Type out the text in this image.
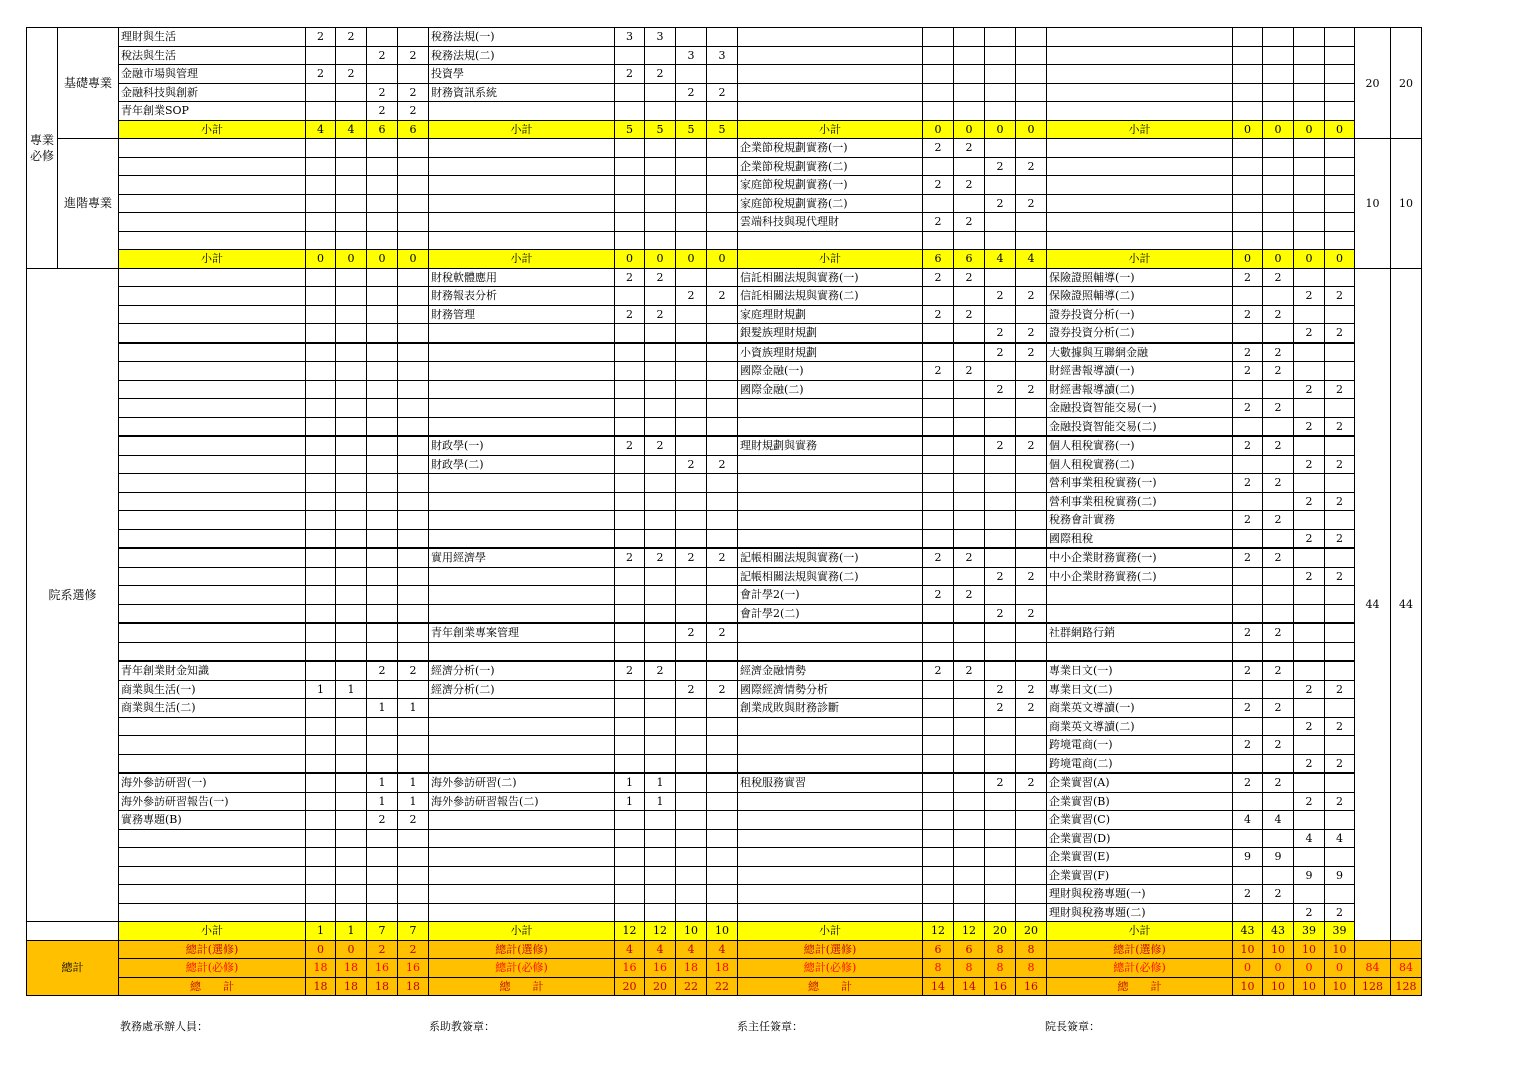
專業必修	基礎專業	理財與生活	2	2			稅務法規(一)	3	3													20	20
		稅法與生活			2	2	稅務法規(二)			3	3												
		金融市場與管理	2	2			投資學	2	2														
		金融科技與創新			2	2	財務資訊系統			2	2												
		青年創業SOP			2	2																	
		小計	4	4	6	6	小計	5	5	5	5	小計	0	0	0	0	小計	0	0	0	0		
	進階專業											企業節稅規劃實務(一)	2	2								10	10
												企業節稅規劃實務(二)			2	2							
												家庭節稅規劃實務(一)	2	2									
												家庭節稅規劃實務(二)			2	2							
												雲端科技與現代理財	2	2									

		小計	0	0	0	0	小計	0	0	0	0	小計	6	6	4	4	小計	0	0	0	0		
院系選修							財稅軟體應用	2	2			信託相關法規與實務(一)	2	2			保險證照輔導(一)	2	2			44	44
							財務報表分析			2	2	信託相關法規與實務(二)			2	2	保險證照輔導(二)			2	2		
							財務管理	2	2			家庭理財規劃	2	2			證券投資分析(一)	2	2				
												銀髮族理財規劃			2	2	證券投資分析(二)			2	2		
												小資族理財規劃			2	2	大數據與互聯網金融	2	2				
												國際金融(一)	2	2			財經書報導讀(一)	2	2				
												國際金融(二)			2	2	財經書報導讀(二)			2	2		
																	金融投資智能交易(一)	2	2				
																	金融投資智能交易(二)			2	2		
							財政學(一)	2	2			理財規劃與實務			2	2	個人租稅實務(一)	2	2				
							財政學(二)			2	2						個人租稅實務(二)			2	2		
																	營利事業租稅實務(一)	2	2				
																	營利事業租稅實務(二)			2	2		
																	稅務會計實務	2	2				
																	國際租稅			2	2		
							實用經濟學	2	2	2	2	記帳相關法規與實務(一)	2	2			中小企業財務實務(一)	2	2				
												記帳相關法規與實務(二)			2	2	中小企業財務實務(二)			2	2		
												會計學2(一)	2	2									
												會計學2(二)			2	2							
							青年創業專案管理			2	2						社群網路行銷	2	2				

		青年創業財金知識			2	2	經濟分析(一)	2	2			經濟金融情勢	2	2			專業日文(一)	2	2				
		商業與生活(一)	1	1			經濟分析(二)			2	2	國際經濟情勢分析			2	2	專業日文(二)			2	2		
		商業與生活(二)			1	1						創業成敗與財務診斷			2	2	商業英文導讀(一)	2	2				
																	商業英文導讀(二)			2	2		
																	跨境電商(一)	2	2				
																	跨境電商(二)			2	2		
		海外參訪研習(一)			1	1	海外參訪研習(二)	1	1			租稅服務實習			2	2	企業實習(A)	2	2				
		海外參訪研習報告(一)			1	1	海外參訪研習報告(二)	1	1								企業實習(B)			2	2		
		實務專題(B)			2	2											企業實習(C)	4	4				
																	企業實習(D)			4	4		
																	企業實習(E)	9	9				
																	企業實習(F)			9	9		
																	理財與稅務專題(一)	2	2				
																	理財與稅務專題(二)			2	2		
		小計	1	1	7	7	小計	12	12	10	10	小計	12	12	20	20	小計	43	43	39	39		
總計		總計(選修)	0	0	2	2	總計(選修)	4	4	4	4	總計(選修)	6	6	8	8	總計(選修)	10	10	10	10		
		總計(必修)	18	18	16	16	總計(必修)	16	16	18	18	總計(必修)	8	8	8	8	總計(必修)	0	0	0	0	84	84
		總　　計	18	18	18	18	總　　計	20	20	22	22	總　　計	14	14	16	16	總　　計	10	10	10	10	128	128
教務處承辦人員：	系助教簽章：	系主任簽章：	院長簽章：
